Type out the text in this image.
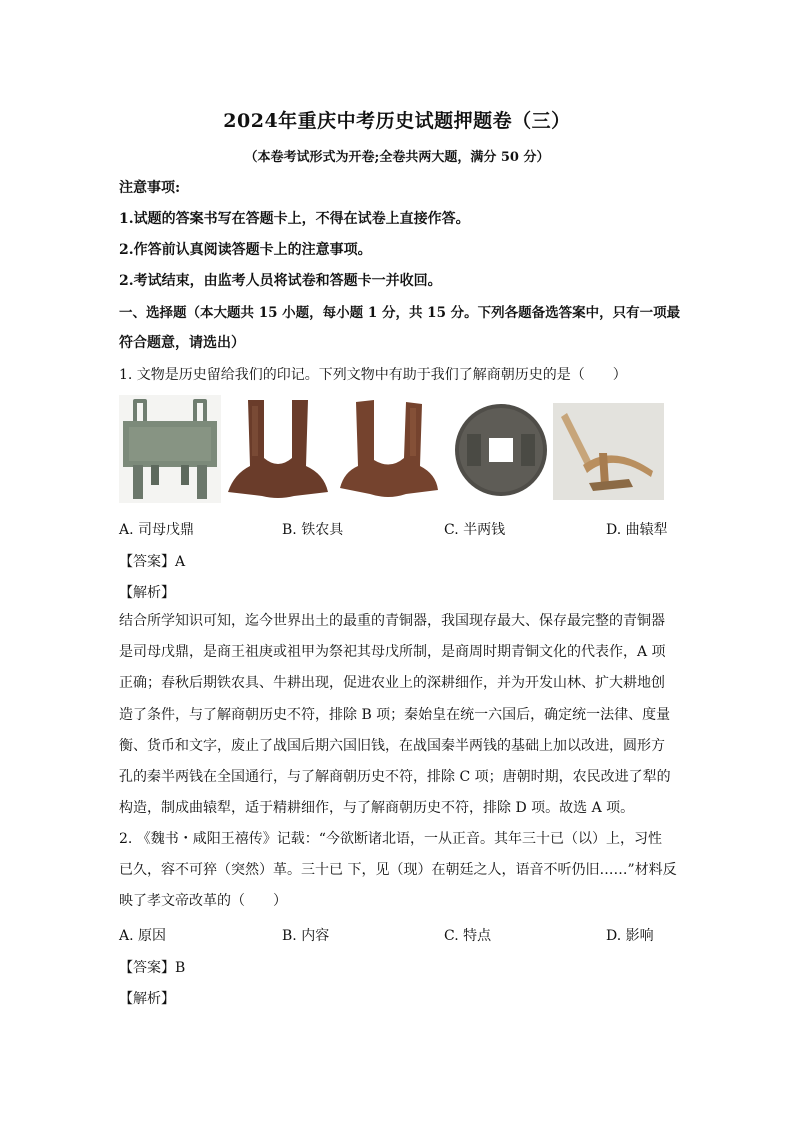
2024年重庆中考历史试题押题卷（三）
（本卷考试形式为开卷;全卷共两大题，满分 50 分）
注意事项:
1.试题的答案书写在答题卡上，不得在试卷上直接作答。
2.作答前认真阅读答题卡上的注意事项。
2.考试结束，由监考人员将试卷和答题卡一并收回。
一、选择题（本大题共 15 小题，每小题 1 分，共 15 分。下列各题备选答案中，只有一项最
符合题意，请选出）
1. 文物是历史留给我们的印记。下列文物中有助于我们了解商朝历史的是（　　）
A. 司母戊鼎	B. 铁农具	C. 半两钱	D. 曲辕犁
【答案】A
【解析】
结合所学知识可知，迄今世界出土的最重的青铜器，我国现存最大、保存最完整的青铜器
是司母戊鼎，是商王祖庚或祖甲为祭祀其母戊所制，是商周时期青铜文化的代表作，A 项
正确；春秋后期铁农具、牛耕出现，促进农业上的深耕细作，并为开发山林、扩大耕地创
造了条件，与了解商朝历史不符，排除 B 项；秦始皇在统一六国后，确定统一法律、度量
衡、货币和文字，废止了战国后期六国旧钱，在战国秦半两钱的基础上加以改进，圆形方
孔的秦半两钱在全国通行，与了解商朝历史不符，排除 C 项；唐朝时期，农民改进了犁的
构造，制成曲辕犁，适于精耕细作，与了解商朝历史不符，排除 D 项。故选 A 项。
2. 《魏书・咸阳王禧传》记载：“今欲断诸北语，一从正音。其年三十已（以）上，习性
已久，容不可猝（突然）革。三十已 下，见（现）在朝廷之人，语音不听仍旧……”材料反
映了孝文帝改革的（　　）
A. 原因	B. 内容	C. 特点	D. 影响
【答案】B
【解析】
